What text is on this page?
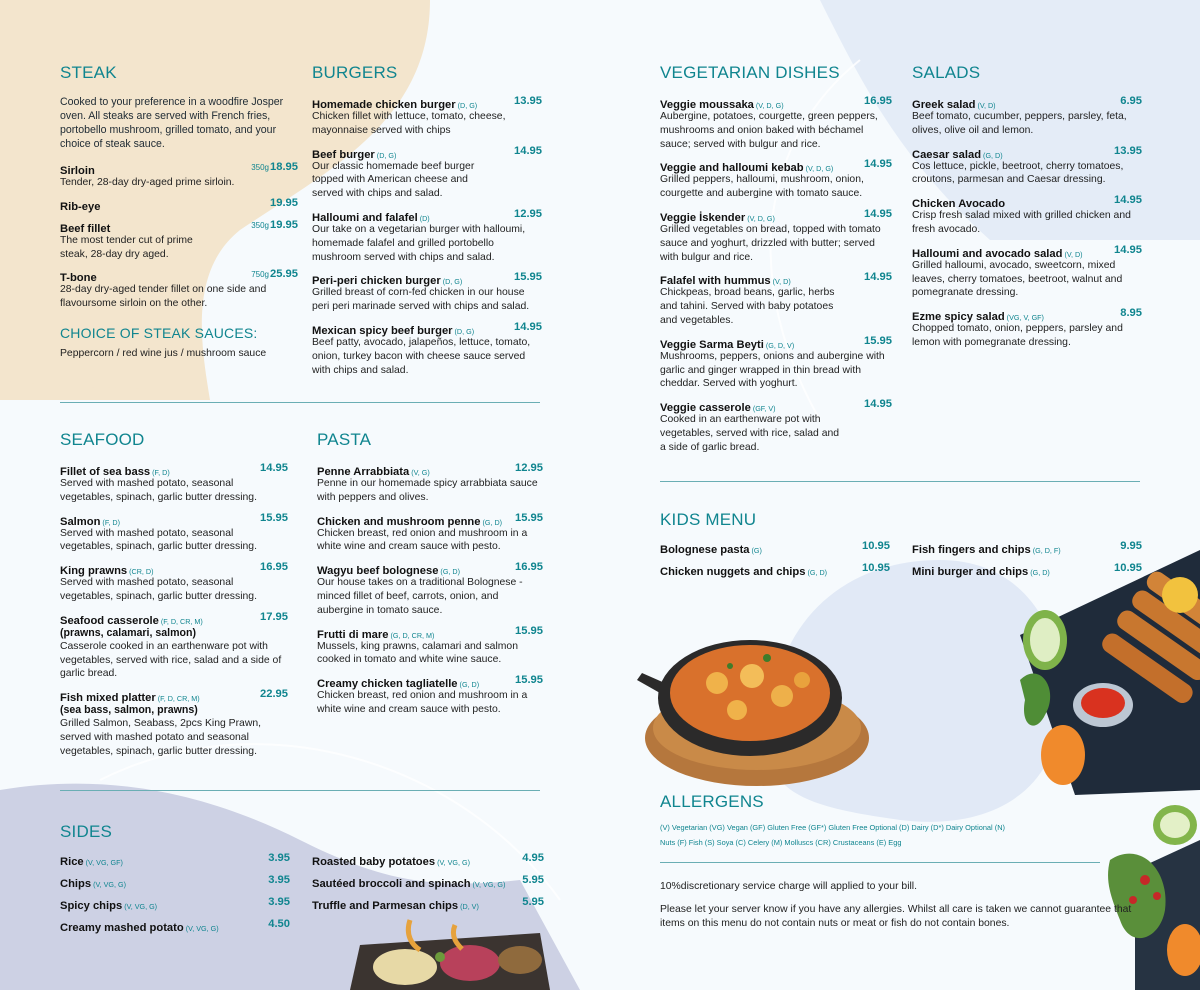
STEAK

Cooked to your preference in a woodfire Josper oven. All steaks are served with French fries, portobello mushroom, grilled tomato, and your choice of steak sauce.

Sirloin	350g18.95
Tender, 28-day dry-aged prime sirloin.
Rib-eye	19.95
Beef fillet	350g19.95
The most tender cut of prime steak, 28-day dry aged.
T-bone	750g25.95
28-day dry-aged tender fillet on one side and flavoursome sirloin on the other.
CHOICE OF STEAK SAUCES:
Peppercorn / red wine jus / mushroom sauce
BURGERS
Homemade chicken burger (D, G)	13.95
Chicken fillet with lettuce, tomato, cheese, mayonnaise served with chips
Beef burger (D, G)	14.95
Our classic homemade beef burger topped with American cheese and served with chips and salad.
Halloumi and falafel (D)	12.95
Our take on a vegetarian burger with halloumi, homemade falafel and grilled portobello mushroom served with chips and salad.
Peri-peri chicken burger (D, G)	15.95
Grilled breast of corn-fed chicken in our house peri peri marinade served with chips and salad.
Mexican spicy beef burger (D, G)	14.95
Beef patty, avocado, jalapeños, lettuce, tomato, onion, turkey bacon with cheese sauce served with chips and salad.
SEAFOOD
Fillet of sea bass (F, D)	14.95
Served with mashed potato, seasonal vegetables, spinach, garlic butter dressing.
Salmon (F, D)	15.95
Served with mashed potato, seasonal vegetables, spinach, garlic butter dressing.
King prawns (CR, D)	16.95
Served with mashed potato, seasonal vegetables, spinach, garlic butter dressing.
Seafood casserole (F, D, CR, M)	17.95
(prawns, calamari, salmon)
Casserole cooked in an earthenware pot with vegetables, served with rice, salad and a side of garlic bread.
Fish mixed platter (F, D, CR, M)	22.95
(sea bass, salmon, prawns)
Grilled Salmon, Seabass, 2pcs King Prawn, served with mashed potato and seasonal vegetables, spinach, garlic butter dressing.
PASTA
Penne Arrabbiata (V, G)	12.95
Penne in our homemade spicy arrabbiata sauce with peppers and olives.
Chicken and mushroom penne (G, D) 15.95
Chicken breast, red onion and mushroom in a white wine and cream sauce with pesto.
Wagyu beef bolognese (G, D)	16.95
Our house takes on a traditional Bolognese - minced fillet of beef, carrots, onion, and aubergine in tomato sauce.
Frutti di mare (G, D, CR, M)	15.95
Mussels, king prawns, calamari and salmon cooked in tomato and white wine sauce.
Creamy chicken tagliatelle (G, D)	15.95
Chicken breast, red onion and mushroom in a white wine and cream sauce with pesto.
SIDES
Rice (V, VG, GF)	3.95
Chips (V, VG, G)	3.95
Spicy chips (V, VG, G)	3.95
Creamy mashed potato (V, VG, G)	4.50
Roasted baby potatoes (V, VG, G)	4.95
Sautéed broccoli and spinach (V, VG, G) 5.95
Truffle and Parmesan chips (D, V)	5.95
VEGETARIAN DISHES
Veggie moussaka (V, D, G)	16.95
Aubergine, potatoes, courgette, green peppers, mushrooms and onion baked with béchamel sauce; served with bulgur and rice.
Veggie and halloumi kebab (V, D, G)	14.95
Grilled peppers, halloumi, mushroom, onion, courgette and aubergine with tomato sauce.
Veggie İskender (V, D, G)	14.95
Grilled vegetables on bread, topped with tomato sauce and yoghurt, drizzled with butter; served with bulgur and rice.
Falafel with hummus (V, D)	14.95
Chickpeas, broad beans, garlic, herbs and tahini. Served with baby potatoes and vegetables.
Veggie Sarma Beyti (G, D, V)	15.95
Mushrooms, peppers, onions and aubergine with garlic and ginger wrapped in thin bread with cheddar. Served with yoghurt.
Veggie casserole (GF, V)	14.95
Cooked in an earthenware pot with vegetables, served with rice, salad and a side of garlic bread.
SALADS
Greek salad (V, D)	6.95
Beef tomato, cucumber, peppers, parsley, feta, olives, olive oil and lemon.
Caesar salad (G, D)	13.95
Cos lettuce, pickle, beetroot, cherry tomatoes, croutons, parmesan and Caesar dressing.
Chicken Avocado	14.95
Crisp fresh salad mixed with grilled chicken and fresh avocado.
Halloumi and avocado salad (V, D)	14.95
Grilled halloumi, avocado, sweetcorn, mixed leaves, cherry tomatoes, beetroot, walnut and pomegranate dressing.
Ezme spicy salad (VG, V, GF)	8.95
Chopped tomato, onion, peppers, parsley and lemon with pomegranate dressing.
KIDS MENU
Bolognese pasta (G)	10.95
Chicken nuggets and chips (G, D)	10.95
Fish fingers and chips (G, D, F)	9.95
Mini burger and chips (G, D)	10.95
ALLERGENS
(V) Vegetarian (VG) Vegan (GF) Gluten Free (GF*) Gluten Free Optional (D) Dairy (D*) Dairy Optional (N)
Nuts (F) Fish (S) Soya (C) Celery (M) Molluscs (CR) Crustaceans (E) Egg
10%discretionary service charge will applied to your bill.
Please let your server know if you have any allergies. Whilst all care is taken we cannot guarantee that items on this menu do not contain nuts or meat or fish do not contain bones.
